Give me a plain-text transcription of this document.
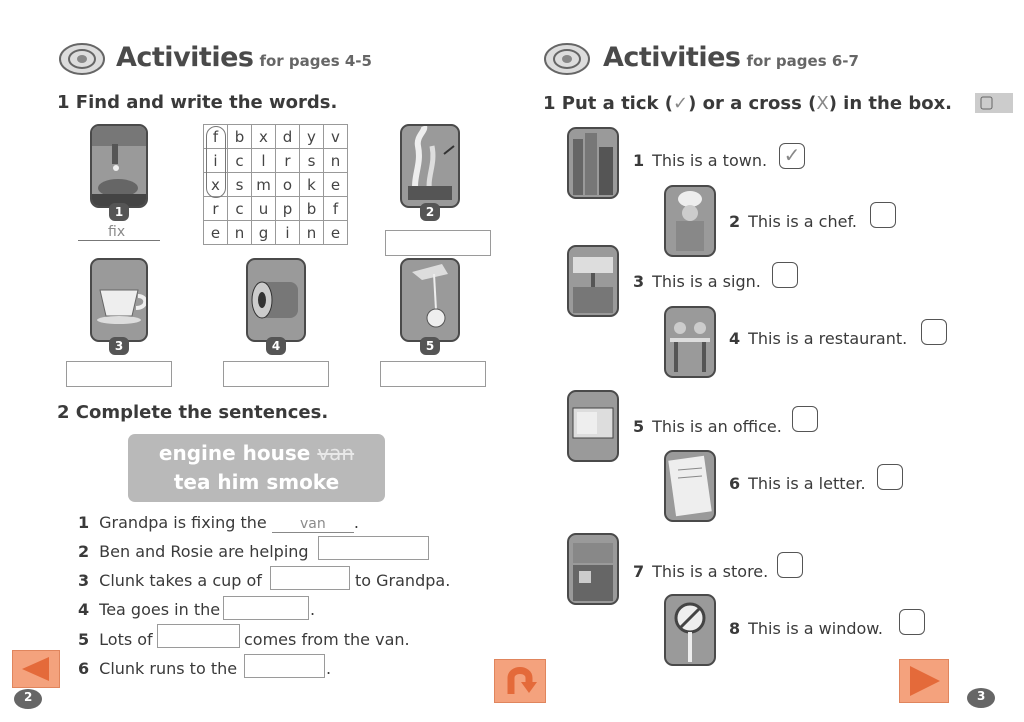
Activities for pages 4-5
1 Find and write the words.
1
fix
f	b	x	d	y	v
i	c	l	r	s	n
x	s	m	o	k	e
r	c	u	p	b	f
e	n	g	i	n	e
2
3	4	5
2 Complete the sentences.
engine house van
tea him smoke
1 Grandpa is fixing the van .
2 Ben and Rosie are helping
3 Clunk takes a cup of	to Grandpa.
4 Tea goes in the	.
5 Lots of	comes from the van.
6 Clunk runs to the	.
2
Activities for pages 6-7
1 Put a tick (✓) or a cross (X) in the box.
1 This is a town. ✓
2 This is a chef.
3 This is a sign.
4 This is a restaurant.
5 This is an office.
6 This is a letter.
7 This is a store.
8 This is a window.
3
